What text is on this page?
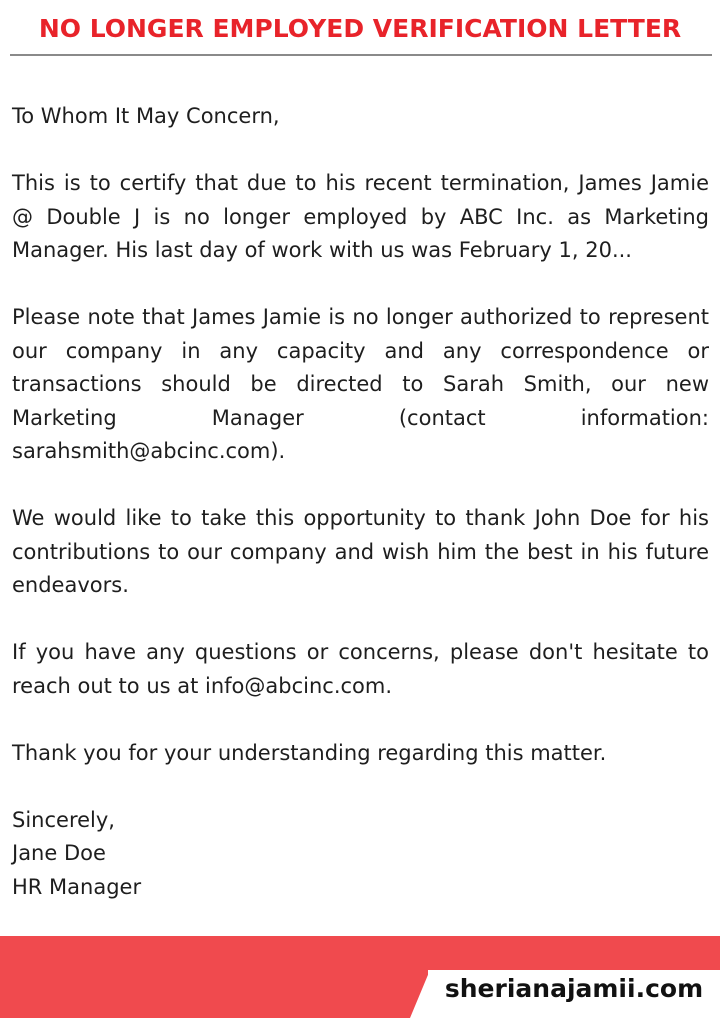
NO LONGER EMPLOYED VERIFICATION LETTER

To Whom It May Concern,

This is to certify that due to his recent termination, James Jamie @ Double J is no longer employed by ABC Inc. as Marketing Manager. His last day of work with us was February 1, 20...

Please note that James Jamie is no longer authorized to represent our company in any capacity and any correspondence or transactions should be directed to Sarah Smith, our new Marketing Manager (contact information: sarahsmith@abcinc.com).

We would like to take this opportunity to thank John Doe for his contributions to our company and wish him the best in his future endeavors.

If you have any questions or concerns, please don't hesitate to reach out to us at info@abcinc.com.

Thank you for your understanding regarding this matter.

Sincerely,
Jane Doe
HR Manager
sherianajamii.com
